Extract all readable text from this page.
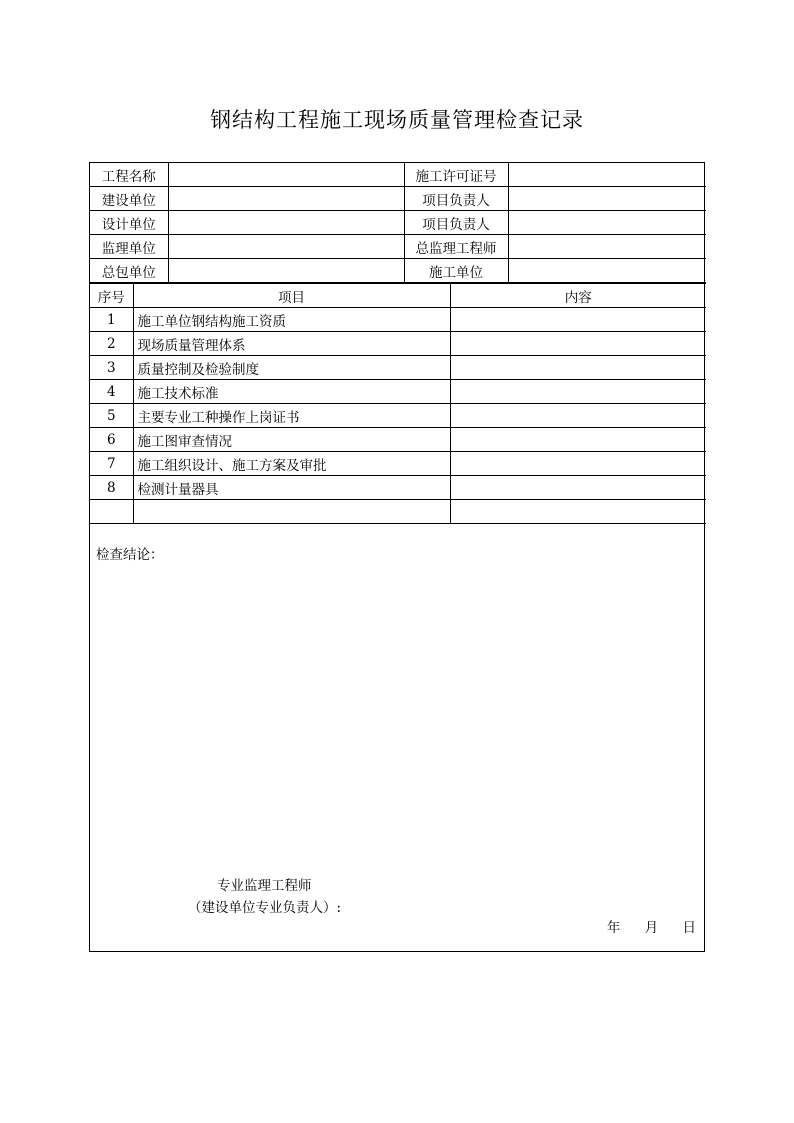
钢结构工程施工现场质量管理检查记录
工程名称		施工许可证号	
建设单位		项目负责人	
设计单位		项目负责人	
监理单位		总监理工程师	
总包单位		施工单位	
序号	项目	内容
1	施工单位钢结构施工资质	
2	现场质量管理体系	
3	质量控制及检验制度	
4	施工技术标准	
5	主要专业工种操作上岗证书	
6	施工图审查情况	
7	施工组织设计、施工方案及审批	
8	检测计量器具	

检查结论：
专业监理工程师
（建设单位专业负责人）:
年 月 日
